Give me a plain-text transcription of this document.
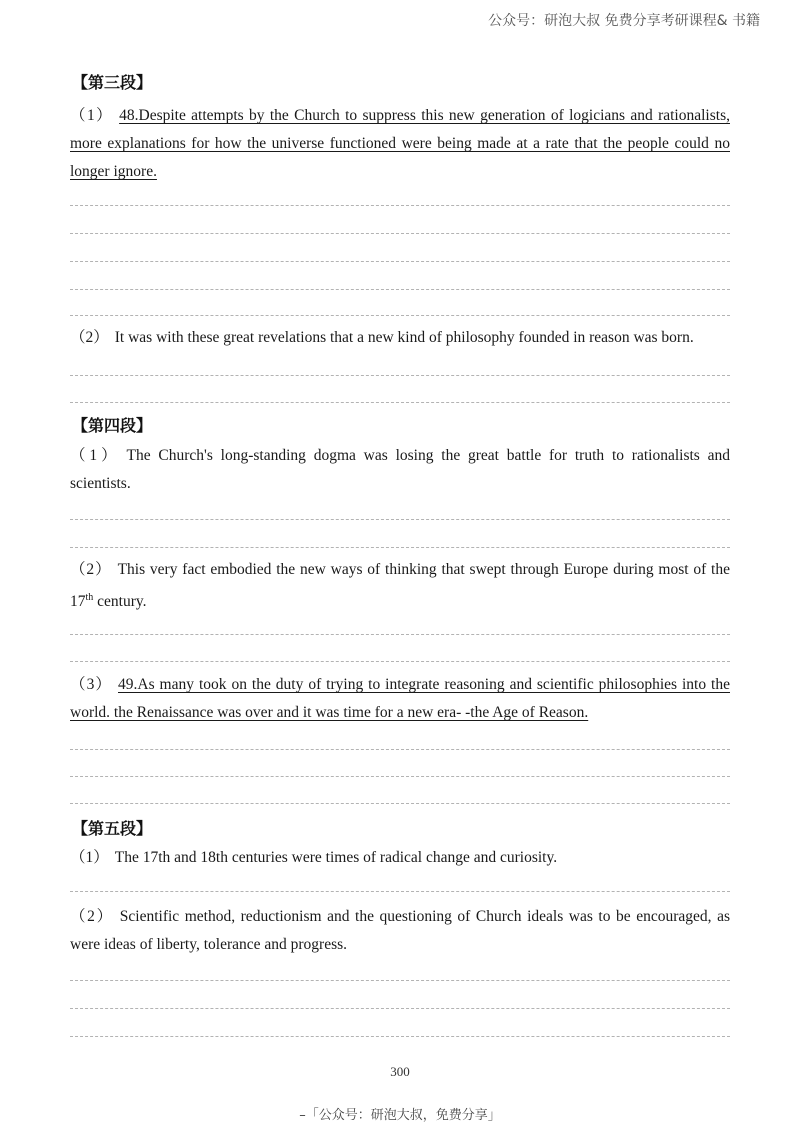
公众号：研泡大叔 免费分享考研课程& 书籍
【第三段】
（1） 48.Despite attempts by the Church to suppress this new generation of logicians and rationalists, more explanations for how the universe functioned were being made at a rate that the people could no longer ignore.
（2） It was with these great revelations that a new kind of philosophy founded in reason was born.
【第四段】
（1） The Church's long-standing dogma was losing the great battle for truth to rationalists and scientists.
（2） This very fact embodied the new ways of thinking that swept through Europe during most of the 17th century.
（3） 49.As many took on the duty of trying to integrate reasoning and scientific philosophies into the world. the Renaissance was over and it was time for a new era- -the Age of Reason.
【第五段】
（1） The 17th and 18th centuries were times of radical change and curiosity.
（2） Scientific method, reductionism and the questioning of Church ideals was to be encouraged, as were ideas of liberty, tolerance and progress.
300
–「公众号：研泡大叔，免费分享」
